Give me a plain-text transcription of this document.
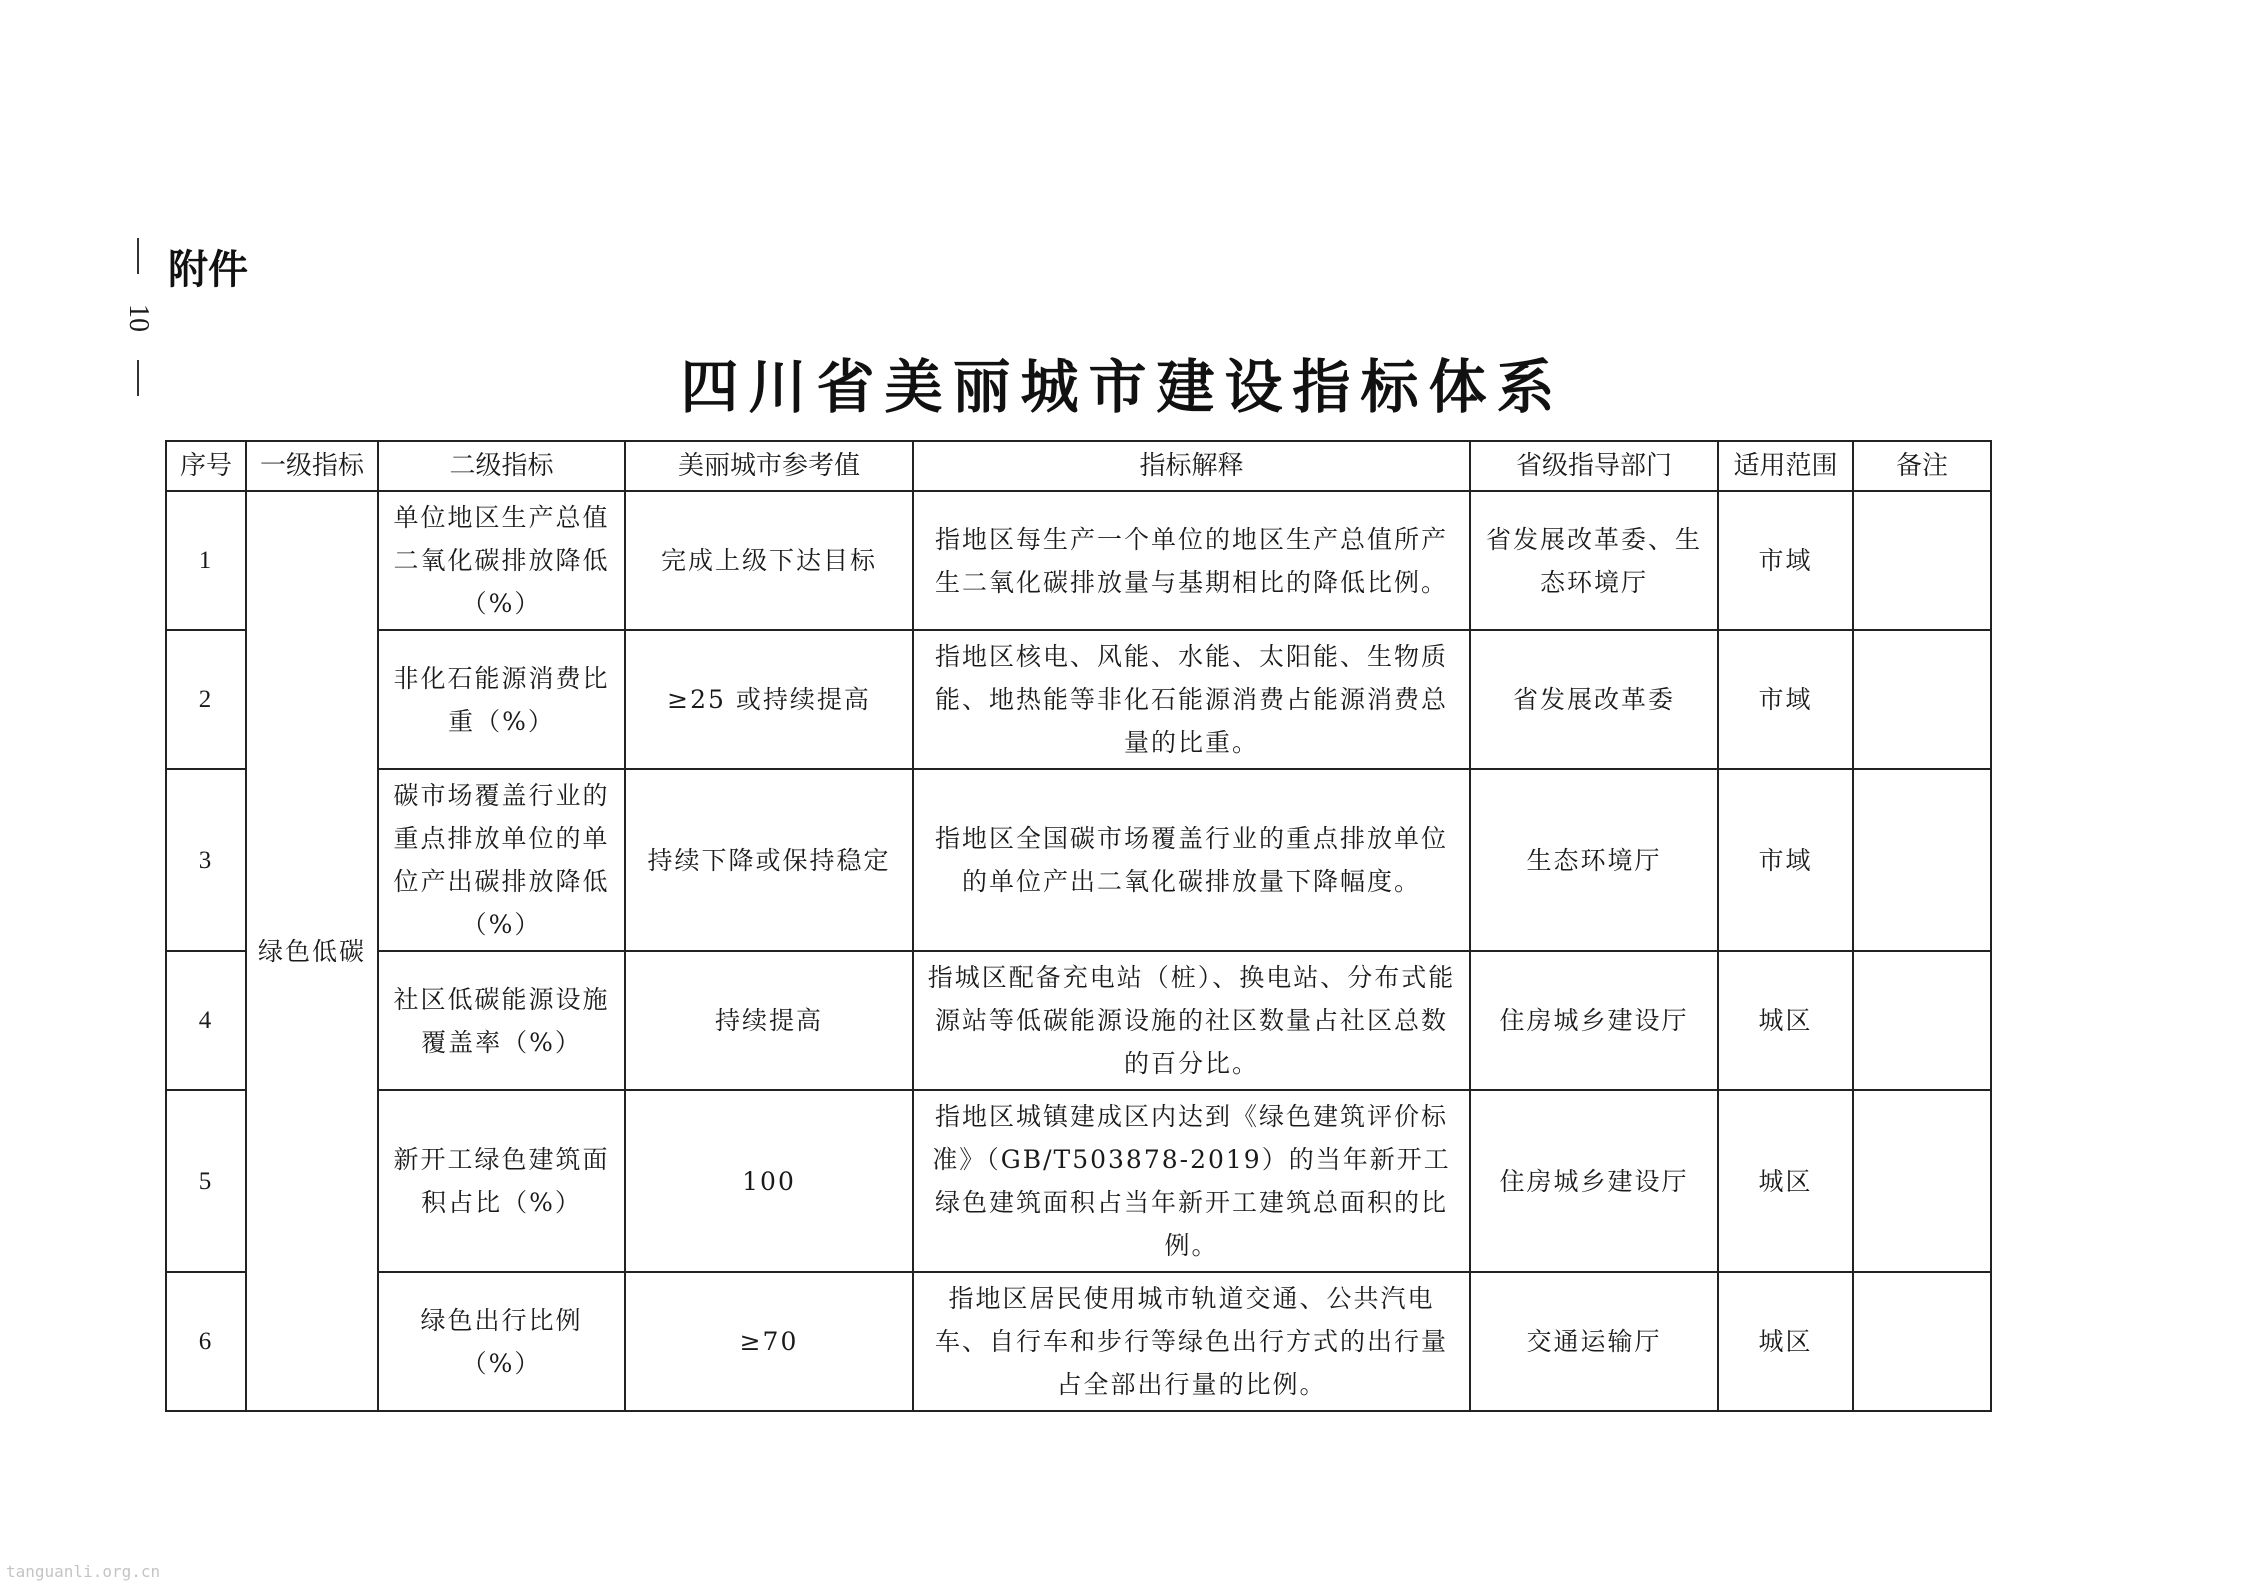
10
附件
四川省美丽城市建设指标体系
序号	一级指标	二级指标	美丽城市参考值	指标解释	省级指导部门	适用范围	备注
1	绿色低碳	单位地区生产总值二氧化碳排放降低（%）	完成上级下达目标	指地区每生产一个单位的地区生产总值所产生二氧化碳排放量与基期相比的降低比例。	省发展改革委、生态环境厅	市域	
2		非化石能源消费比重（%）	≥25 或持续提高	指地区核电、风能、水能、太阳能、生物质能、地热能等非化石能源消费占能源消费总量的比重。	省发展改革委	市域	
3		碳市场覆盖行业的重点排放单位的单位产出碳排放降低（%）	持续下降或保持稳定	指地区全国碳市场覆盖行业的重点排放单位的单位产出二氧化碳排放量下降幅度。	生态环境厅	市域	
4		社区低碳能源设施覆盖率（%）	持续提高	指城区配备充电站（桩）、换电站、分布式能源站等低碳能源设施的社区数量占社区总数的百分比。	住房城乡建设厅	城区	
5		新开工绿色建筑面积占比（%）	100	指地区城镇建成区内达到《绿色建筑评价标准》（GB/T503878-2019）的当年新开工绿色建筑面积占当年新开工建筑总面积的比例。	住房城乡建设厅	城区	
6		绿色出行比例（%）	≥70	指地区居民使用城市轨道交通、公共汽电车、自行车和步行等绿色出行方式的出行量占全部出行量的比例。	交通运输厅	城区	
tanguanli.org.cn
